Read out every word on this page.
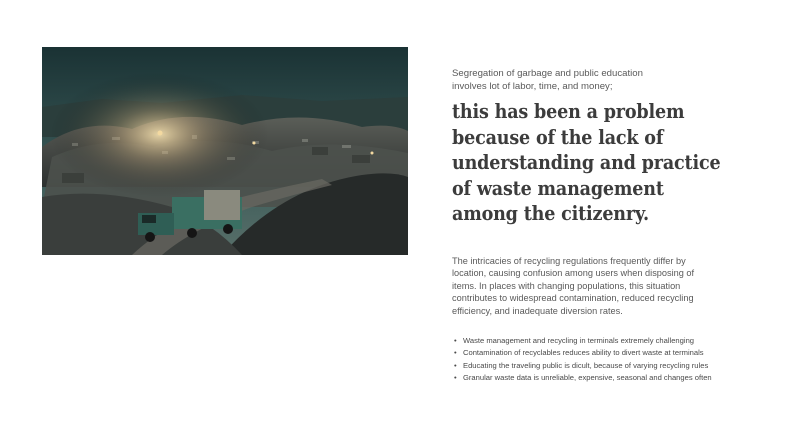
Segregation of garbage and public education involves lot of labor, time, and money;

this has been a problem
because of the lack of
understanding and practice
of waste management
among the citizenry.

The intricacies of recycling regulations frequently differ by location, causing confusion among users when disposing of items. In places with changing populations, this situation contributes to widespread contamination, reduced recycling efficiency, and inadequate diversion rates.

• Waste management and recycling in terminals extremely challenging
• Contamination of recyclables reduces ability to divert waste at terminals
• Educating the traveling public is dicult, because of varying recycling rules
• Granular waste data is unreliable, expensive, seasonal and changes often
